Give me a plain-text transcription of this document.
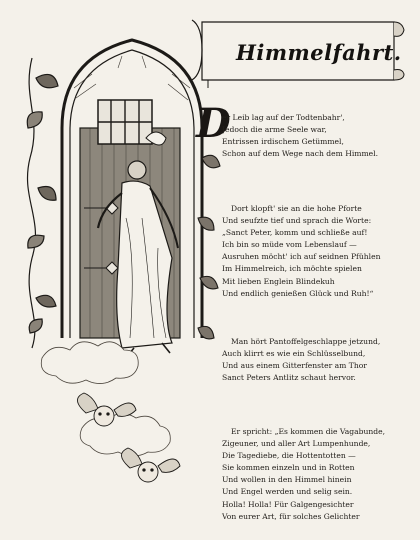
Himmelfahrt.
D
er Leib lag auf der Todtenbahr',
Jedoch die arme Seele war,
Entrissen irdischem Getümmel,
Schon auf dem Wege nach dem Himmel.
Dort klopft' sie an die hohe Pforte
Und seufzte tief und sprach die Worte:
„Sanct Peter, komm und schließe auf!
Ich bin so müde vom Lebenslauf —
Ausruhen möcht' ich auf seidnen Pfühlen
Im Himmelreich, ich möchte spielen
Mit lieben Englein Blindekuh
Und endlich genießen Glück und Ruh!“
Man hört Pantoffelgeschlappe jetzund,
Auch klirrt es wie ein Schlüsselbund,
Und aus einem Gitterfenster am Thor
Sanct Peters Antlitz schaut hervor.
Er spricht: „Es kommen die Vagabunde,
Zigeuner, und aller Art Lumpenhunde,
Die Tagediebe, die Hottentotten —
Sie kommen einzeln und in Rotten
Und wollen in den Himmel hinein
Und Engel werden und selig sein.
Holla! Holla! Für Galgengesichter
Von eurer Art, für solches Gelichter
